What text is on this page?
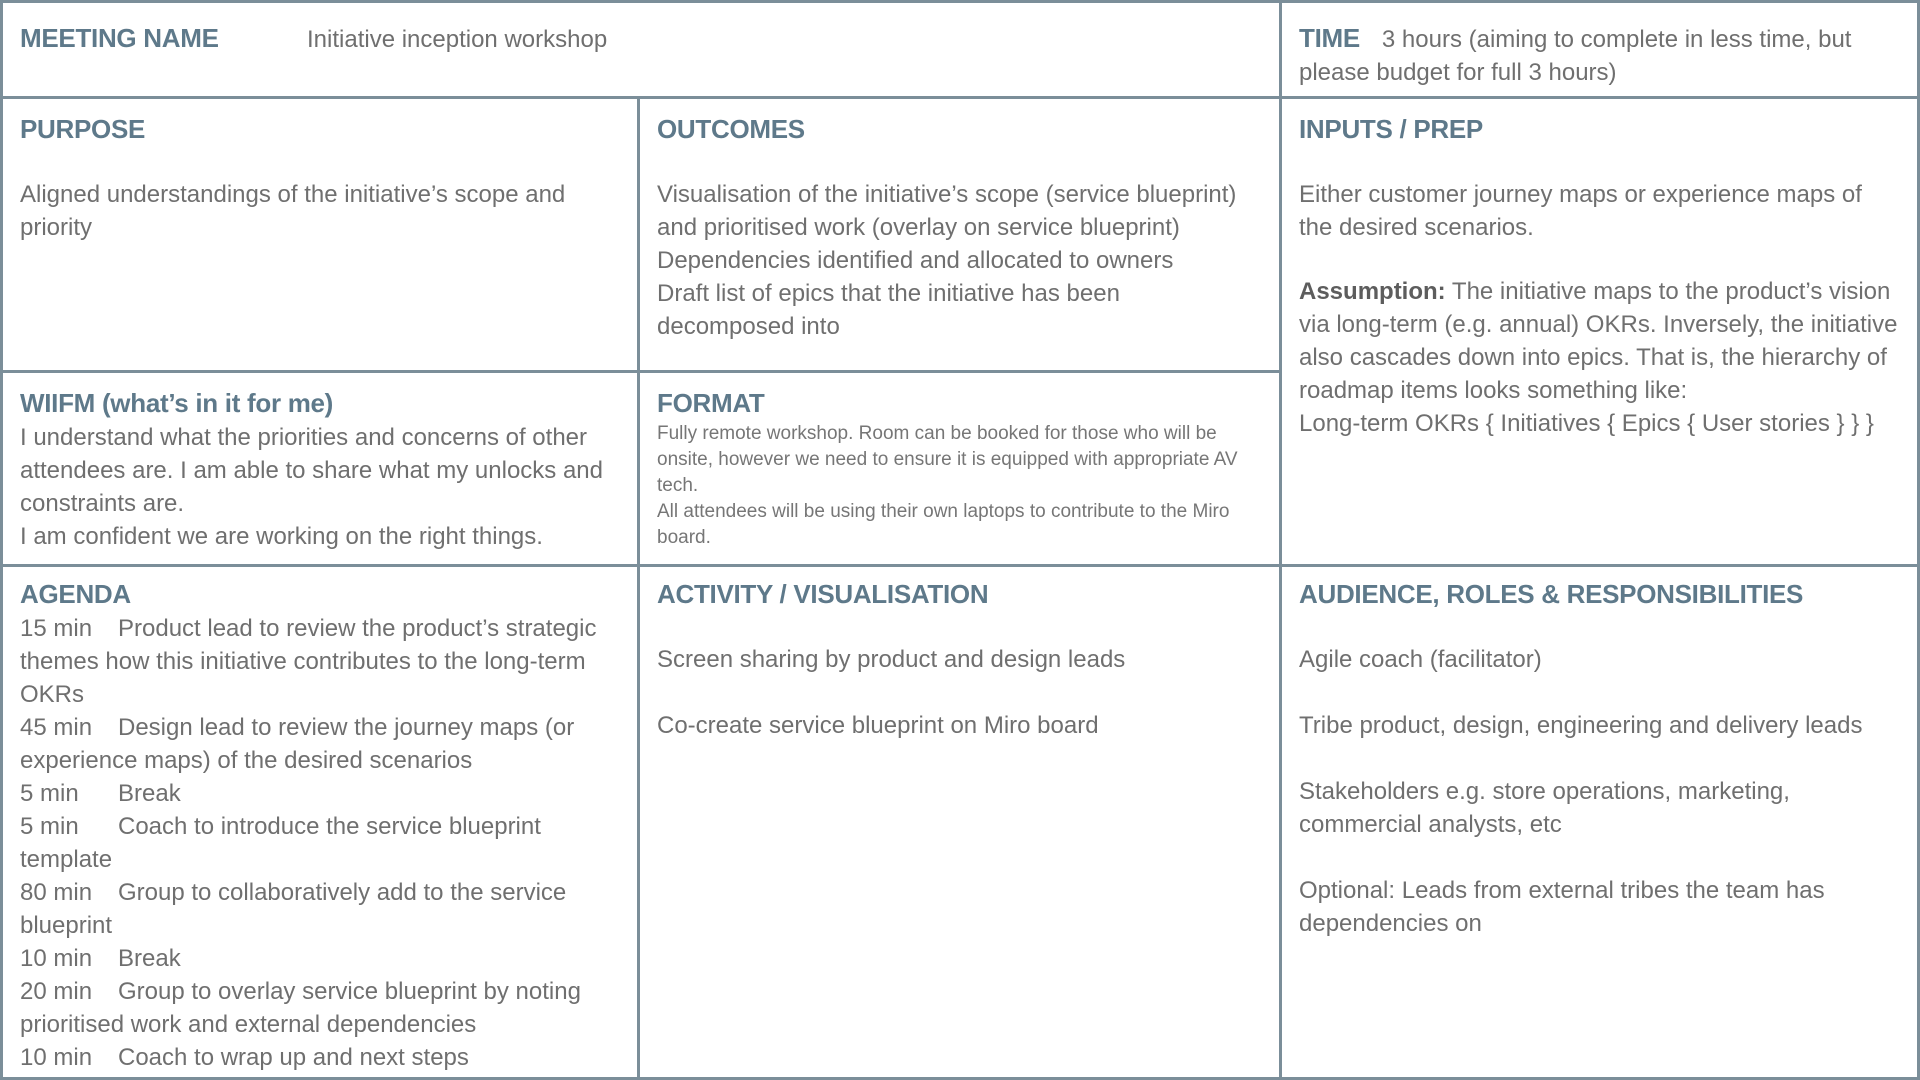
MEETING NAME	Initiative inception workshop	TIME 3 hours (aiming to complete in less time, but please budget for full 3 hours)
PURPOSE
Aligned understandings of the initiative’s scope and priority
OUTCOMES
Visualisation of the initiative’s scope (service blueprint) and prioritised work (overlay on service blueprint)
Dependencies identified and allocated to owners
Draft list of epics that the initiative has been decomposed into
INPUTS / PREP
Either customer journey maps or experience maps of the desired scenarios.
Assumption: The initiative maps to the product’s vision via long-term (e.g. annual) OKRs. Inversely, the initiative also cascades down into epics. That is, the hierarchy of roadmap items looks something like:
Long-term OKRs { Initiatives { Epics { User stories } } }
WIIFM (what’s in it for me)
I understand what the priorities and concerns of other attendees are. I am able to share what my unlocks and constraints are.
I am confident we are working on the right things.
FORMAT
Fully remote workshop. Room can be booked for those who will be onsite, however we need to ensure it is equipped with appropriate AV tech.
All attendees will be using their own laptops to contribute to the Miro board.
AGENDA
15 min Product lead to review the product’s strategic themes how this initiative contributes to the long-term OKRs
45 min Design lead to review the journey maps (or experience maps) of the desired scenarios
5 min Break
5 min Coach to introduce the service blueprint template
80 min Group to collaboratively add to the service blueprint
10 min Break
20 min Group to overlay service blueprint by noting prioritised work and external dependencies
10 min Coach to wrap up and next steps
ACTIVITY / VISUALISATION
Screen sharing by product and design leads
Co-create service blueprint on Miro board
AUDIENCE, ROLES & RESPONSIBILITIES
Agile coach (facilitator)
Tribe product, design, engineering and delivery leads
Stakeholders e.g. store operations, marketing, commercial analysts, etc
Optional: Leads from external tribes the team has dependencies on
